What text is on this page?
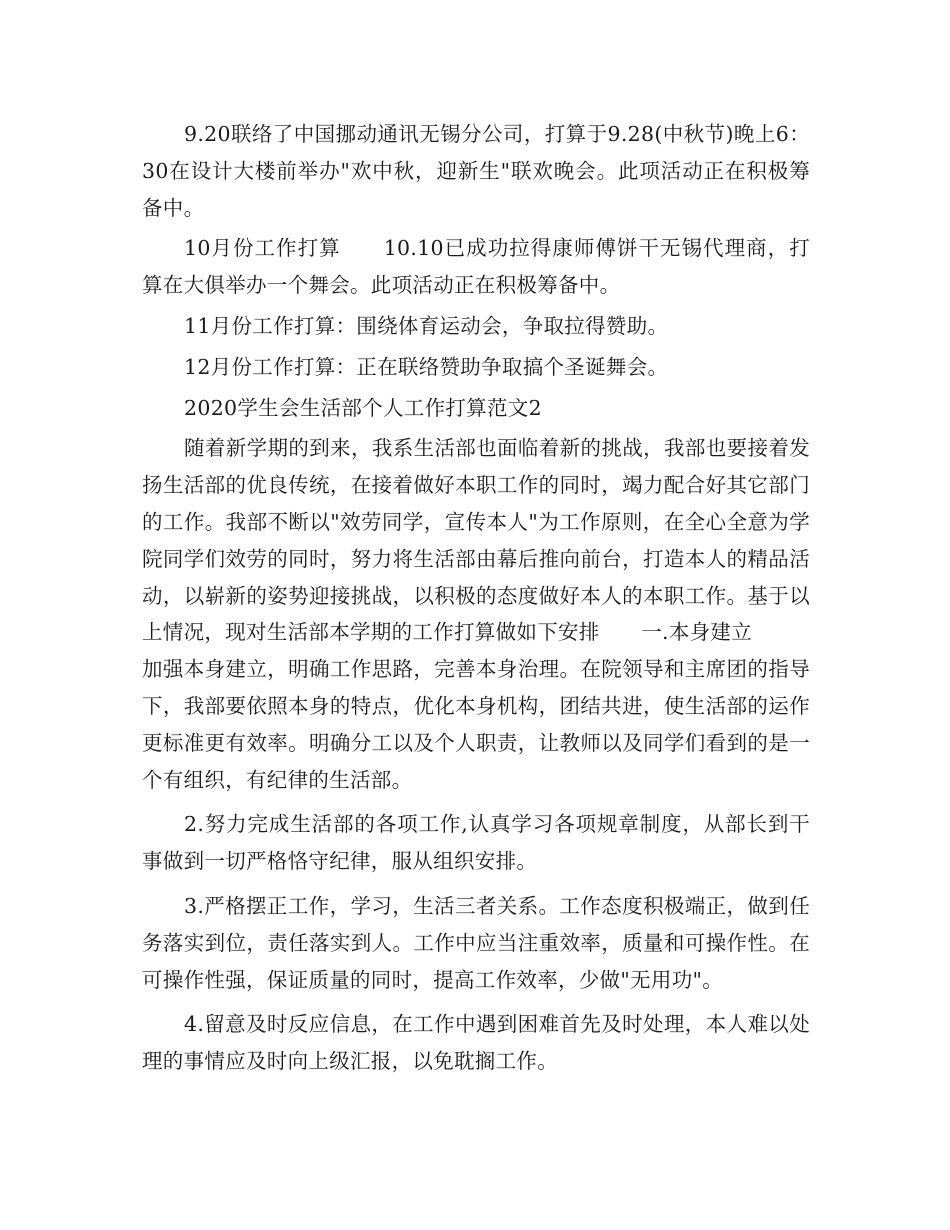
9.20联络了中国挪动通讯无锡分公司，打算于9.28(中秋节)晚上6：30在设计大楼前举办"欢中秋，迎新生"联欢晚会。此项活动正在积极筹备中。

10月份工作打算　　10.10已成功拉得康师傅饼干无锡代理商，打算在大俱举办一个舞会。此项活动正在积极筹备中。

11月份工作打算：围绕体育运动会，争取拉得赞助。

12月份工作打算：正在联络赞助争取搞个圣诞舞会。

2020学生会生活部个人工作打算范文2

随着新学期的到来，我系生活部也面临着新的挑战，我部也要接着发扬生活部的优良传统，在接着做好本职工作的同时，竭力配合好其它部门的工作。我部不断以"效劳同学，宣传本人"为工作原则，在全心全意为学院同学们效劳的同时，努力将生活部由幕后推向前台，打造本人的精品活动，以崭新的姿势迎接挑战，以积极的态度做好本人的本职工作。基于以上情况，现对生活部本学期的工作打算做如下安排　　一.本身建立

加强本身建立，明确工作思路，完善本身治理。在院领导和主席团的指导下，我部要依照本身的特点，优化本身机构，团结共进，使生活部的运作更标准更有效率。明确分工以及个人职责，让教师以及同学们看到的是一个有组织，有纪律的生活部。

2.努力完成生活部的各项工作,认真学习各项规章制度，从部长到干事做到一切严格恪守纪律，服从组织安排。

3.严格摆正工作，学习，生活三者关系。工作态度积极端正，做到任务落实到位，责任落实到人。工作中应当注重效率，质量和可操作性。在可操作性强，保证质量的同时，提高工作效率，少做"无用功"。

4.留意及时反应信息，在工作中遇到困难首先及时处理，本人难以处理的事情应及时向上级汇报，以免耽搁工作。
